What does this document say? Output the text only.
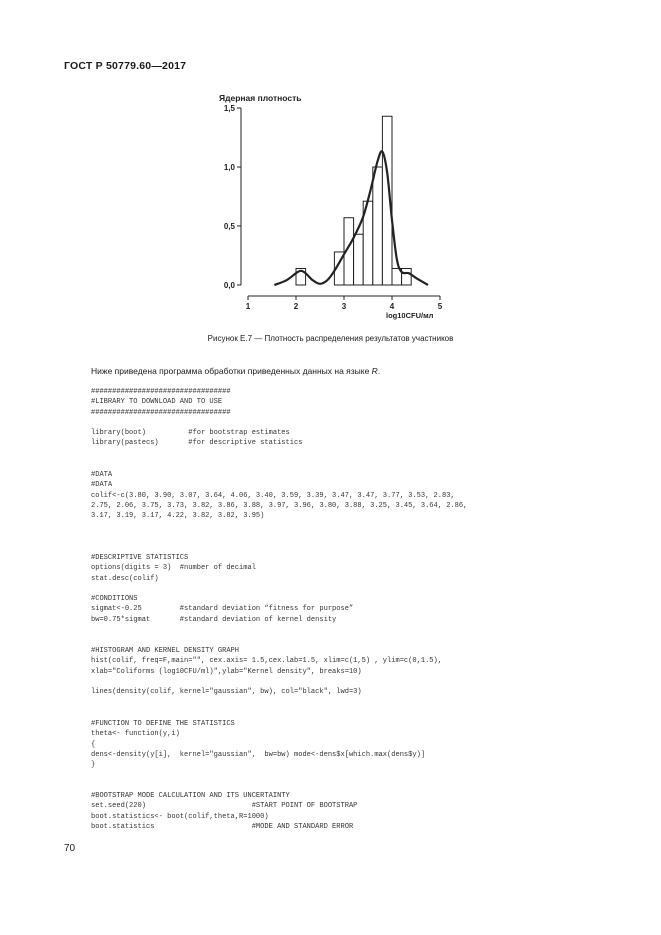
ГОСТ Р 50779.60—2017
Ядерная плотность
0,0
0,5
1,0
1,5
1	2	3	4	5
log10CFU/мл
Рисунок Е.7 — Плотность распределения результатов участников
Ниже приведена программа обработки приведенных данных на языке R.
#################################
#LIBRARY TO DOWNLOAD AND TO USE
#################################

library(boot)          #for bootstrap estimates
library(pastecs)       #for descriptive statistics
#DATA
#DATA
colif<-c(3.80, 3.90, 3.07, 3.64, 4.06, 3.40, 3.59, 3.39, 3.47, 3.47, 3.77, 3.53, 2.83,
2.75, 2.06, 3.75, 3.73, 3.82, 3.86, 3.88, 3.97, 3.96, 3.80, 3.88, 3.25, 3.45, 3.64, 2.86,
3.17, 3.19, 3.17, 4.22, 3.82, 3.82, 3.95)
#DESCRIPTIVE STATISTICS
options(digits = 3)  #number of decimal
stat.desc(colif)

#CONDITIONS
sigmat<-0.25         #standard deviation “fitness for purpose”
bw=0.75*sigmat       #standard deviation of kernel density
#HISTOGRAM AND KERNEL DENSITY GRAPH
hist(colif, freq=F,main="", cex.axis= 1.5,cex.lab=1.5, xlim=c(1,5) , ylim=c(0,1.5),
xlab="Coliforms (log10CFU/ml)",ylab="Kernel density", breaks=10)

lines(density(colif, kernel="gaussian", bw), col="black", lwd=3)
#FUNCTION TO DEFINE THE STATISTICS
theta<- function(y,i)
{
dens<-density(y[i],  kernel="gaussian",  bw=bw) mode<-dens$x[which.max(dens$y)]
}
#BOOTSTRAP MODE CALCULATION AND ITS UNCERTAINTY
set.seed(220)                         #START POINT OF BOOTSTRAP
boot.statistics<- boot(colif,theta,R=1000)
boot.statistics                       #MODE AND STANDARD ERROR
70
